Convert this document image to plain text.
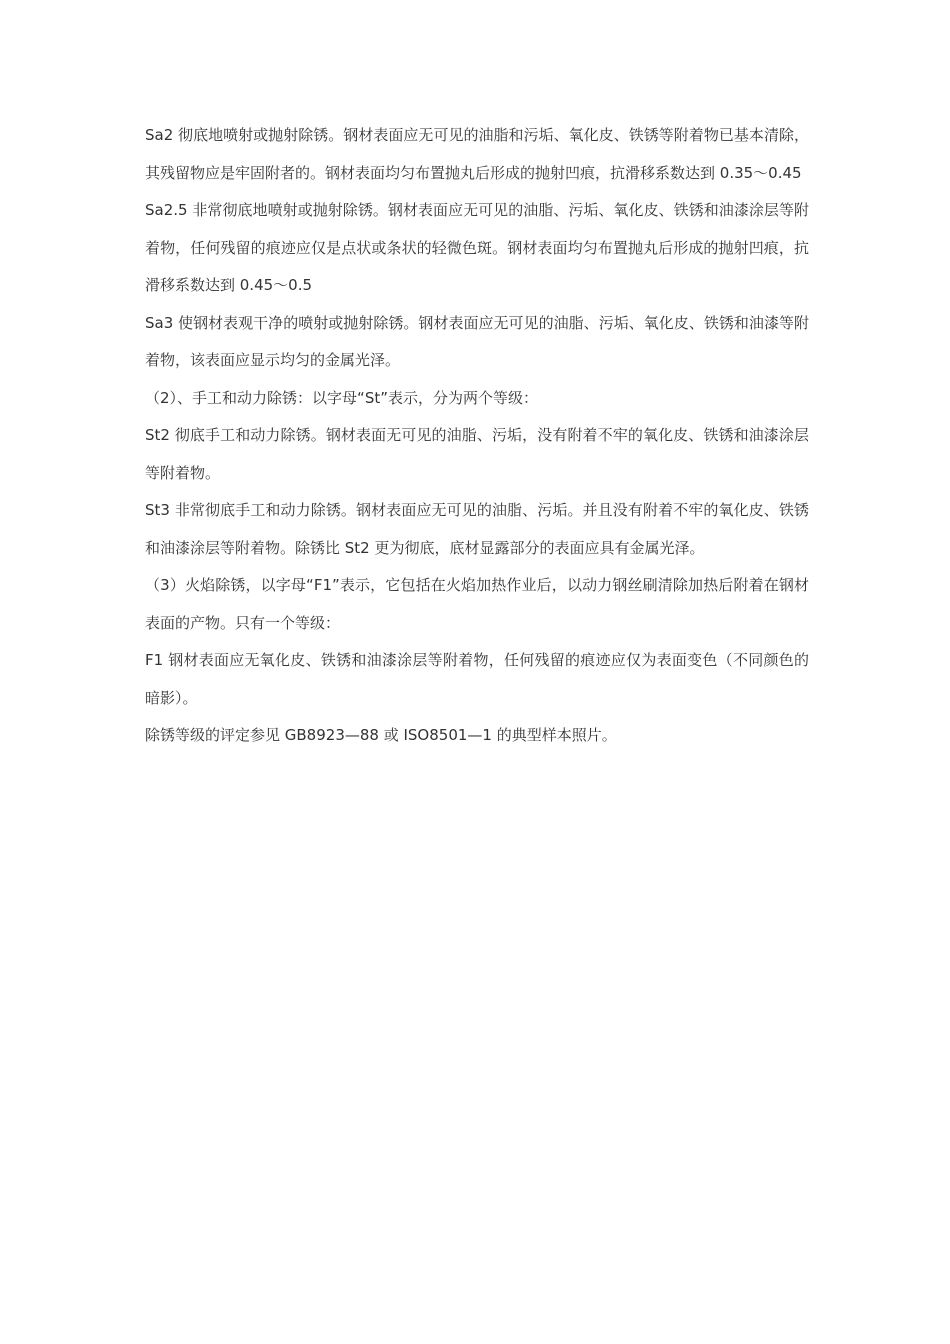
Sa2 彻底地喷射或抛射除锈。钢材表面应无可见的油脂和污垢、氧化皮、铁锈等附着物已基本清除，其残留物应是牢固附者的。钢材表面均匀布置抛丸后形成的抛射凹痕，抗滑移系数达到 0.35～0.45

Sa2.5 非常彻底地喷射或抛射除锈。钢材表面应无可见的油脂、污垢、氧化皮、铁锈和油漆涂层等附着物，任何残留的痕迹应仅是点状或条状的轻微色斑。钢材表面均匀布置抛丸后形成的抛射凹痕，抗滑移系数达到 0.45～0.5

Sa3 使钢材表观干净的喷射或抛射除锈。钢材表面应无可见的油脂、污垢、氧化皮、铁锈和油漆等附着物，该表面应显示均匀的金属光泽。

（2）、手工和动力除锈：以字母“St”表示，分为两个等级：

St2 彻底手工和动力除锈。钢材表面无可见的油脂、污垢，没有附着不牢的氧化皮、铁锈和油漆涂层等附着物。

St3 非常彻底手工和动力除锈。钢材表面应无可见的油脂、污垢。并且没有附着不牢的氧化皮、铁锈和油漆涂层等附着物。除锈比 St2 更为彻底，底材显露部分的表面应具有金属光泽。

（3）火焰除锈，以字母“F1”表示，它包括在火焰加热作业后，以动力钢丝刷清除加热后附着在钢材表面的产物。只有一个等级：

F1 钢材表面应无氧化皮、铁锈和油漆涂层等附着物，任何残留的痕迹应仅为表面变色（不同颜色的暗影）。

除锈等级的评定参见 GB8923—88 或 ISO8501—1 的典型样本照片。
